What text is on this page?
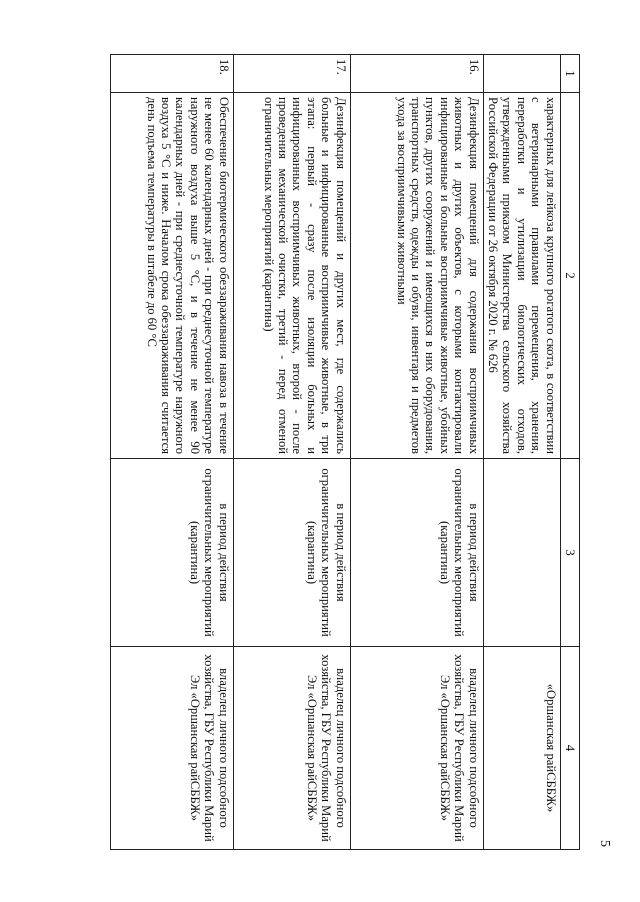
5
1	2	3	4
	характерных для лейкоза крупного рогатого скота, в соответствии с ветеринарными правилами перемещения, хранения, переработки и утилизации биологических отходов, утвержденными приказом Министерства сельского хозяйства Российской Федерации от 26 октября 2020 г. № 626		«Оршанская райСББЖ»
16.	Дезинфекция помещений для содержания восприимчивых животных и других объектов, с которыми контактировали инфицированные и больные восприимчивые животные, убойных пунктов, других сооружений и имеющихся в них оборудования, транспортных средств, одежды и обуви, инвентаря и предметов ухода за восприимчивыми животными	в период действия ограничительных мероприятий (карантина)	владелец личного подсобного хозяйства, ГБУ Республики Марий Эл «Оршанская райСББЖ»
17.	Дезинфекция помещений и других мест, где содержались больные и инфицированные восприимчивые животные, в три этапа: первый - сразу после изоляции больных и инфицированных восприимчивых животных, второй - после проведения механической очистки, третий - перед отменой ограничительных мероприятий (карантина)	в период действия ограничительных мероприятий (карантина)	владелец личного подсобного хозяйства, ГБУ Республики Марий Эл «Оршанская райСББЖ»
18.	Обеспечение биотермического обеззараживания навоза в течение не менее 60 календарных дней - при среднесуточной температуре наружного воздуха выше 5 °С, и в течение не менее 90 календарных дней - при среднесуточной температуре наружного воздуха 5 °С и ниже. Началом срока обеззараживания считается день подъема температуры в штабеле до 60 °С	в период действия ограничительных мероприятий (карантина)	владелец личного подсобного хозяйства, ГБУ Республики Марий Эл «Оршанская райСББЖ»
